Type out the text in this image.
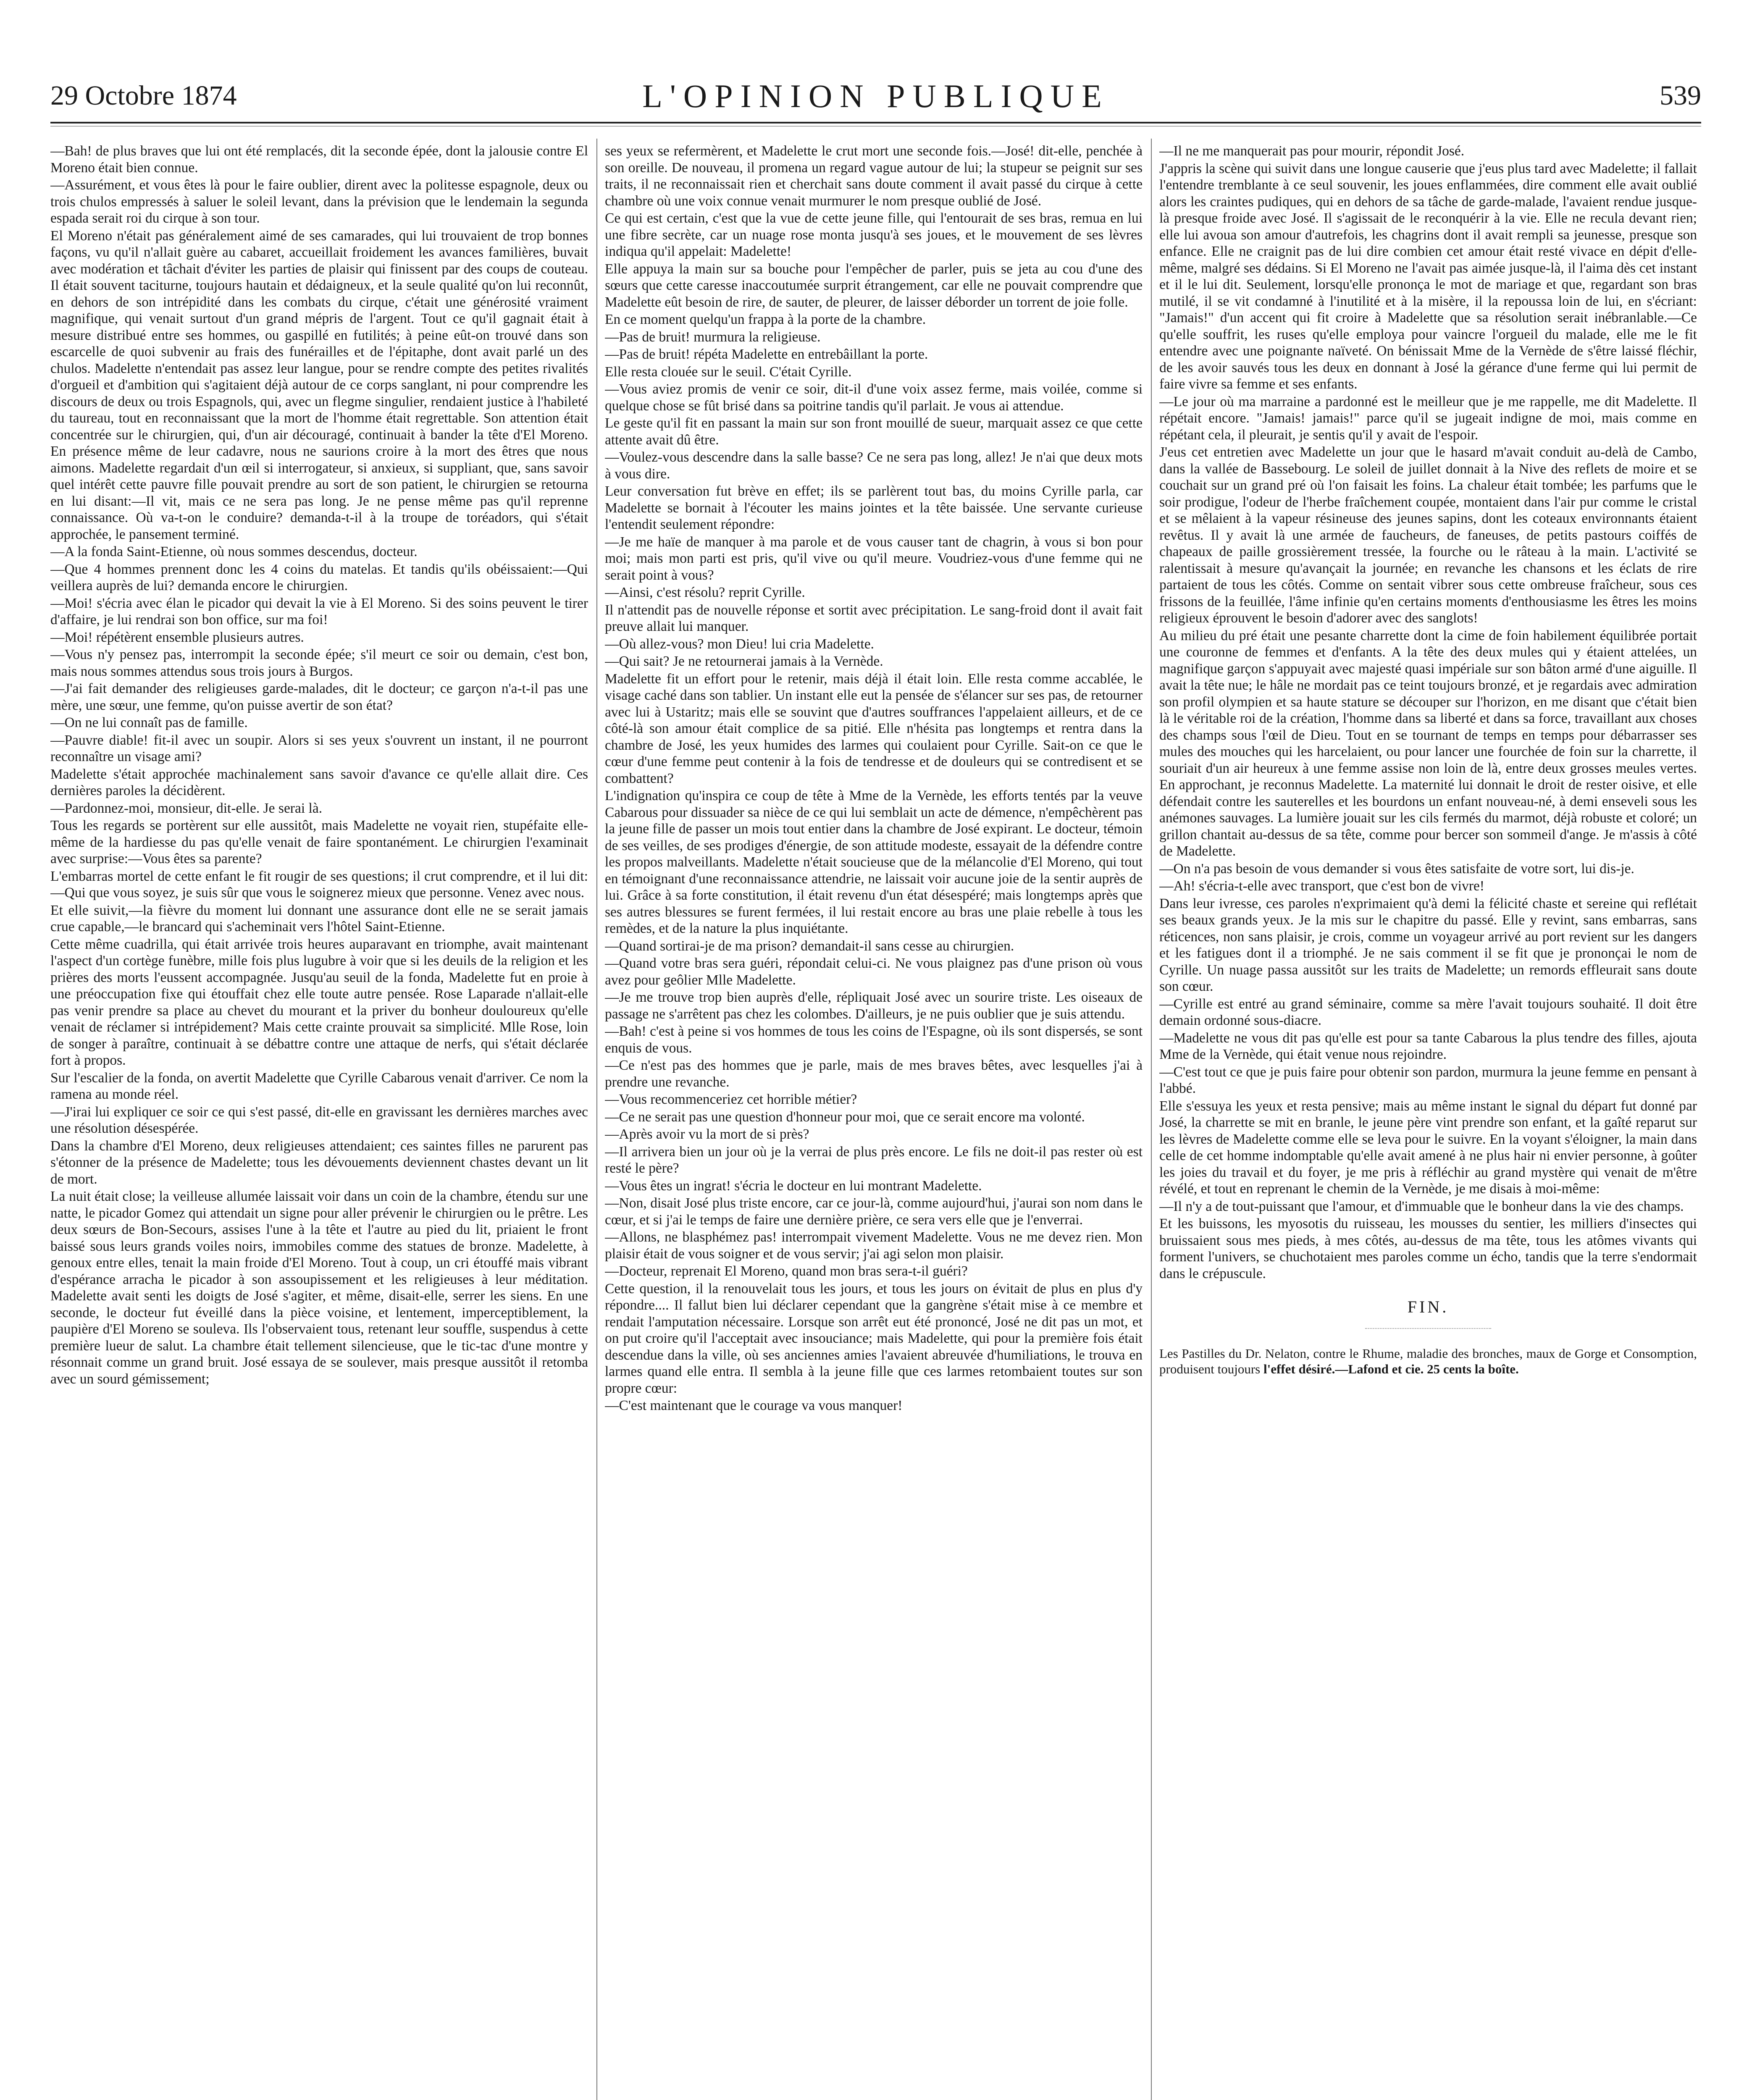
29 Octobre 1874	L'OPINION PUBLIQUE	539

—Bah! de plus braves que lui ont été remplacés, dit la seconde épée, dont la jalousie contre El Moreno était bien connue.

—Assurément, et vous êtes là pour le faire oublier, dirent avec la politesse espagnole, deux ou trois chulos empressés à saluer le soleil levant, dans la prévision que le lendemain la segunda espada serait roi du cirque à son tour.

El Moreno n'était pas généralement aimé de ses camarades, qui lui trouvaient de trop bonnes façons, vu qu'il n'allait guère au cabaret, accueillait froidement les avances familières, buvait avec modération et tâchait d'éviter les parties de plaisir qui finissent par des coups de couteau. Il était souvent taciturne, toujours hautain et dédaigneux, et la seule qualité qu'on lui reconnût, en dehors de son intrépidité dans les combats du cirque, c'était une générosité vraiment magnifique, qui venait surtout d'un grand mépris de l'argent. Tout ce qu'il gagnait était à mesure distribué entre ses hommes, ou gaspillé en futilités; à peine eût-on trouvé dans son escarcelle de quoi subvenir au frais des funérailles et de l'épitaphe, dont avait parlé un des chulos. Madelette n'entendait pas assez leur langue, pour se rendre compte des petites rivalités d'orgueil et d'ambition qui s'agitaient déjà autour de ce corps sanglant, ni pour comprendre les discours de deux ou trois Espagnols, qui, avec un flegme singulier, rendaient justice à l'habileté du taureau, tout en reconnaissant que la mort de l'homme était regrettable. Son attention était concentrée sur le chirurgien, qui, d'un air découragé, continuait à bander la tête d'El Moreno. En présence même de leur cadavre, nous ne saurions croire à la mort des êtres que nous aimons. Madelette regardait d'un œil si interrogateur, si anxieux, si suppliant, que, sans savoir quel intérêt cette pauvre fille pouvait prendre au sort de son patient, le chirurgien se retourna en lui disant:—Il vit, mais ce ne sera pas long. Je ne pense même pas qu'il reprenne connaissance. Où va-t-on le conduire? demanda-t-il à la troupe de toréadors, qui s'était approchée, le pansement terminé.

—A la fonda Saint-Etienne, où nous sommes descendus, docteur.

—Que 4 hommes prennent donc les 4 coins du matelas. Et tandis qu'ils obéissaient:—Qui veillera auprès de lui? demanda encore le chirurgien.

—Moi! s'écria avec élan le picador qui devait la vie à El Moreno. Si des soins peuvent le tirer d'affaire, je lui rendrai son bon office, sur ma foi!

—Moi! répétèrent ensemble plusieurs autres.

—Vous n'y pensez pas, interrompit la seconde épée; s'il meurt ce soir ou demain, c'est bon, mais nous sommes attendus sous trois jours à Burgos.

—J'ai fait demander des religieuses garde-malades, dit le docteur; ce garçon n'a-t-il pas une mère, une sœur, une femme, qu'on puisse avertir de son état?

—On ne lui connaît pas de famille.

—Pauvre diable! fit-il avec un soupir. Alors si ses yeux s'ouvrent un instant, il ne pourront reconnaître un visage ami?

Madelette s'était approchée machinalement sans savoir d'avance ce qu'elle allait dire. Ces dernières paroles la décidèrent.

—Pardonnez-moi, monsieur, dit-elle. Je serai là.

Tous les regards se portèrent sur elle aussitôt, mais Madelette ne voyait rien, stupéfaite elle-même de la hardiesse du pas qu'elle venait de faire spontanément. Le chirurgien l'examinait avec surprise:—Vous êtes sa parente?

L'embarras mortel de cette enfant le fit rougir de ses questions; il crut comprendre, et il lui dit:—Qui que vous soyez, je suis sûr que vous le soignerez mieux que personne. Venez avec nous.

Et elle suivit,—la fièvre du moment lui donnant une assurance dont elle ne se serait jamais crue capable,—le brancard qui s'acheminait vers l'hôtel Saint-Etienne.

Cette même cuadrilla, qui était arrivée trois heures auparavant en triomphe, avait maintenant l'aspect d'un cortège funèbre, mille fois plus lugubre à voir que si les deuils de la religion et les prières des morts l'eussent accompagnée. Jusqu'au seuil de la fonda, Madelette fut en proie à une préoccupation fixe qui étouffait chez elle toute autre pensée. Rose Laparade n'allait-elle pas venir prendre sa place au chevet du mourant et la priver du bonheur douloureux qu'elle venait de réclamer si intrépidement? Mais cette crainte prouvait sa simplicité. Mlle Rose, loin de songer à paraître, continuait à se débattre contre une attaque de nerfs, qui s'était déclarée fort à propos.

Sur l'escalier de la fonda, on avertit Madelette que Cyrille Cabarous venait d'arriver. Ce nom la ramena au monde réel.

—J'irai lui expliquer ce soir ce qui s'est passé, dit-elle en gravissant les dernières marches avec une résolution désespérée.

Dans la chambre d'El Moreno, deux religieuses attendaient; ces saintes filles ne parurent pas s'étonner de la présence de Madelette; tous les dévouements deviennent chastes devant un lit de mort.

La nuit était close; la veilleuse allumée laissait voir dans un coin de la chambre, étendu sur une natte, le picador Gomez qui attendait un signe pour aller prévenir le chirurgien ou le prêtre. Les deux sœurs de Bon-Secours, assises l'une à la tête et l'autre au pied du lit, priaient le front baissé sous leurs grands voiles noirs, immobiles comme des statues de bronze. Madelette, à genoux entre elles, tenait la main froide d'El Moreno. Tout à coup, un cri étouffé mais vibrant d'espérance arracha le picador à son assoupissement et les religieuses à leur méditation. Madelette avait senti les doigts de José s'agiter, et même, disait-elle, serrer les siens. En une seconde, le docteur fut éveillé dans la pièce voisine, et lentement, imperceptiblement, la paupière d'El Moreno se souleva. Ils l'observaient tous, retenant leur souffle, suspendus à cette première lueur de salut. La chambre était tellement silencieuse, que le tic-tac d'une montre y résonnait comme un grand bruit. José essaya de se soulever, mais presque aussitôt il retomba avec un sourd gémissement;

ses yeux se refermèrent, et Madelette le crut mort une seconde fois.—José! dit-elle, penchée à son oreille. De nouveau, il promena un regard vague autour de lui; la stupeur se peignit sur ses traits, il ne reconnaissait rien et cherchait sans doute comment il avait passé du cirque à cette chambre où une voix connue venait murmurer le nom presque oublié de José.

Ce qui est certain, c'est que la vue de cette jeune fille, qui l'entourait de ses bras, remua en lui une fibre secrète, car un nuage rose monta jusqu'à ses joues, et le mouvement de ses lèvres indiqua qu'il appelait: Madelette!

Elle appuya la main sur sa bouche pour l'empêcher de parler, puis se jeta au cou d'une des sœurs que cette caresse inaccoutumée surprit étrangement, car elle ne pouvait comprendre que Madelette eût besoin de rire, de sauter, de pleurer, de laisser déborder un torrent de joie folle.

En ce moment quelqu'un frappa à la porte de la chambre.

—Pas de bruit! murmura la religieuse.

—Pas de bruit! répéta Madelette en entrebâillant la porte.

Elle resta clouée sur le seuil. C'était Cyrille.

—Vous aviez promis de venir ce soir, dit-il d'une voix assez ferme, mais voilée, comme si quelque chose se fût brisé dans sa poitrine tandis qu'il parlait. Je vous ai attendue.

Le geste qu'il fit en passant la main sur son front mouillé de sueur, marquait assez ce que cette attente avait dû être.

—Voulez-vous descendre dans la salle basse? Ce ne sera pas long, allez! Je n'ai que deux mots à vous dire.

Leur conversation fut brève en effet; ils se parlèrent tout bas, du moins Cyrille parla, car Madelette se bornait à l'écouter les mains jointes et la tête baissée. Une servante curieuse l'entendit seulement répondre:

—Je me haïe de manquer à ma parole et de vous causer tant de chagrin, à vous si bon pour moi; mais mon parti est pris, qu'il vive ou qu'il meure. Voudriez-vous d'une femme qui ne serait point à vous?

—Ainsi, c'est résolu? reprit Cyrille.

Il n'attendit pas de nouvelle réponse et sortit avec précipitation. Le sang-froid dont il avait fait preuve allait lui manquer.

—Où allez-vous? mon Dieu! lui cria Madelette.

—Qui sait? Je ne retournerai jamais à la Vernède.

Madelette fit un effort pour le retenir, mais déjà il était loin. Elle resta comme accablée, le visage caché dans son tablier. Un instant elle eut la pensée de s'élancer sur ses pas, de retourner avec lui à Ustaritz; mais elle se souvint que d'autres souffrances l'appelaient ailleurs, et de ce côté-là son amour était complice de sa pitié. Elle n'hésita pas longtemps et rentra dans la chambre de José, les yeux humides des larmes qui coulaient pour Cyrille. Sait-on ce que le cœur d'une femme peut contenir à la fois de tendresse et de douleurs qui se contredisent et se combattent?

L'indignation qu'inspira ce coup de tête à Mme de la Vernède, les efforts tentés par la veuve Cabarous pour dissuader sa nièce de ce qui lui semblait un acte de démence, n'empêchèrent pas la jeune fille de passer un mois tout entier dans la chambre de José expirant. Le docteur, témoin de ses veilles, de ses prodiges d'énergie, de son attitude modeste, essayait de la défendre contre les propos malveillants. Madelette n'était soucieuse que de la mélancolie d'El Moreno, qui tout en témoignant d'une reconnaissance attendrie, ne laissait voir aucune joie de la sentir auprès de lui. Grâce à sa forte constitution, il était revenu d'un état désespéré; mais longtemps après que ses autres blessures se furent fermées, il lui restait encore au bras une plaie rebelle à tous les remèdes, et de la nature la plus inquiétante.

—Quand sortirai-je de ma prison? demandait-il sans cesse au chirurgien.

—Quand votre bras sera guéri, répondait celui-ci. Ne vous plaignez pas d'une prison où vous avez pour geôlier Mlle Madelette.

—Je me trouve trop bien auprès d'elle, répliquait José avec un sourire triste. Les oiseaux de passage ne s'arrêtent pas chez les colombes. D'ailleurs, je ne puis oublier que je suis attendu.

—Bah! c'est à peine si vos hommes de tous les coins de l'Espagne, où ils sont dispersés, se sont enquis de vous.

—Ce n'est pas des hommes que je parle, mais de mes braves bêtes, avec lesquelles j'ai à prendre une revanche.

—Vous recommenceriez cet horrible métier?

—Ce ne serait pas une question d'honneur pour moi, que ce serait encore ma volonté.

—Après avoir vu la mort de si près?

—Il arrivera bien un jour où je la verrai de plus près encore. Le fils ne doit-il pas rester où est resté le père?

—Vous êtes un ingrat! s'écria le docteur en lui montrant Madelette.

—Non, disait José plus triste encore, car ce jour-là, comme aujourd'hui, j'aurai son nom dans le cœur, et si j'ai le temps de faire une dernière prière, ce sera vers elle que je l'enverrai.

—Allons, ne blasphémez pas! interrompait vivement Madelette. Vous ne me devez rien. Mon plaisir était de vous soigner et de vous servir; j'ai agi selon mon plaisir.

—Docteur, reprenait El Moreno, quand mon bras sera-t-il guéri?

Cette question, il la renouvelait tous les jours, et tous les jours on évitait de plus en plus d'y répondre.... Il fallut bien lui déclarer cependant que la gangrène s'était mise à ce membre et rendait l'amputation nécessaire. Lorsque son arrêt eut été prononcé, José ne dit pas un mot, et on put croire qu'il l'acceptait avec insouciance; mais Madelette, qui pour la première fois était descendue dans la ville, où ses anciennes amies l'avaient abreuvée d'humiliations, le trouva en larmes quand elle entra. Il sembla à la jeune fille que ces larmes retombaient toutes sur son propre cœur:

—C'est maintenant que le courage va vous manquer!

—Il ne me manquerait pas pour mourir, répondit José.

J'appris la scène qui suivit dans une longue causerie que j'eus plus tard avec Madelette; il fallait l'entendre tremblante à ce seul souvenir, les joues enflammées, dire comment elle avait oublié alors les craintes pudiques, qui en dehors de sa tâche de garde-malade, l'avaient rendue jusque-là presque froide avec José. Il s'agissait de le reconquérir à la vie. Elle ne recula devant rien; elle lui avoua son amour d'autrefois, les chagrins dont il avait rempli sa jeunesse, presque son enfance. Elle ne craignit pas de lui dire combien cet amour était resté vivace en dépit d'elle-même, malgré ses dédains. Si El Moreno ne l'avait pas aimée jusque-là, il l'aima dès cet instant et il le lui dit. Seulement, lorsqu'elle prononça le mot de mariage et que, regardant son bras mutilé, il se vit condamné à l'inutilité et à la misère, il la repoussa loin de lui, en s'écriant: "Jamais!" d'un accent qui fit croire à Madelette que sa résolution serait inébranlable.—Ce qu'elle souffrit, les ruses qu'elle employa pour vaincre l'orgueil du malade, elle me le fit entendre avec une poignante naïveté. On bénissait Mme de la Vernède de s'être laissé fléchir, de les avoir sauvés tous les deux en donnant à José la gérance d'une ferme qui lui permit de faire vivre sa femme et ses enfants.

—Le jour où ma marraine a pardonné est le meilleur que je me rappelle, me dit Madelette. Il répétait encore. "Jamais! jamais!" parce qu'il se jugeait indigne de moi, mais comme en répétant cela, il pleurait, je sentis qu'il y avait de l'espoir.

J'eus cet entretien avec Madelette un jour que le hasard m'avait conduit au-delà de Cambo, dans la vallée de Bassebourg. Le soleil de juillet donnait à la Nive des reflets de moire et se couchait sur un grand pré où l'on faisait les foins. La chaleur était tombée; les parfums que le soir prodigue, l'odeur de l'herbe fraîchement coupée, montaient dans l'air pur comme le cristal et se mêlaient à la vapeur résineuse des jeunes sapins, dont les coteaux environnants étaient revêtus. Il y avait là une armée de faucheurs, de faneuses, de petits pastours coiffés de chapeaux de paille grossièrement tressée, la fourche ou le râteau à la main. L'activité se ralentissait à mesure qu'avançait la journée; en revanche les chansons et les éclats de rire partaient de tous les côtés. Comme on sentait vibrer sous cette ombreuse fraîcheur, sous ces frissons de la feuillée, l'âme infinie qu'en certains moments d'enthousiasme les êtres les moins religieux éprouvent le besoin d'adorer avec des sanglots!

Au milieu du pré était une pesante charrette dont la cime de foin habilement équilibrée portait une couronne de femmes et d'enfants. A la tête des deux mules qui y étaient attelées, un magnifique garçon s'appuyait avec majesté quasi impériale sur son bâton armé d'une aiguille. Il avait la tête nue; le hâle ne mordait pas ce teint toujours bronzé, et je regardais avec admiration son profil olympien et sa haute stature se découper sur l'horizon, en me disant que c'était bien là le véritable roi de la création, l'homme dans sa liberté et dans sa force, travaillant aux choses des champs sous l'œil de Dieu. Tout en se tournant de temps en temps pour débarrasser ses mules des mouches qui les harcelaient, ou pour lancer une fourchée de foin sur la charrette, il souriait d'un air heureux à une femme assise non loin de là, entre deux grosses meules vertes. En approchant, je reconnus Madelette. La maternité lui donnait le droit de rester oisive, et elle défendait contre les sauterelles et les bourdons un enfant nouveau-né, à demi enseveli sous les anémones sauvages. La lumière jouait sur les cils fermés du marmot, déjà robuste et coloré; un grillon chantait au-dessus de sa tête, comme pour bercer son sommeil d'ange. Je m'assis à côté de Madelette.

—On n'a pas besoin de vous demander si vous êtes satisfaite de votre sort, lui dis-je.

—Ah! s'écria-t-elle avec transport, que c'est bon de vivre!

Dans leur ivresse, ces paroles n'exprimaient qu'à demi la félicité chaste et sereine qui reflétait ses beaux grands yeux. Je la mis sur le chapitre du passé. Elle y revint, sans embarras, sans réticences, non sans plaisir, je crois, comme un voyageur arrivé au port revient sur les dangers et les fatigues dont il a triomphé. Je ne sais comment il se fit que je prononçai le nom de Cyrille. Un nuage passa aussitôt sur les traits de Madelette; un remords effleurait sans doute son cœur.

—Cyrille est entré au grand séminaire, comme sa mère l'avait toujours souhaité. Il doit être demain ordonné sous-diacre.

—Madelette ne vous dit pas qu'elle est pour sa tante Cabarous la plus tendre des filles, ajouta Mme de la Vernède, qui était venue nous rejoindre.

—C'est tout ce que je puis faire pour obtenir son pardon, murmura la jeune femme en pensant à l'abbé.

Elle s'essuya les yeux et resta pensive; mais au même instant le signal du départ fut donné par José, la charrette se mit en branle, le jeune père vint prendre son enfant, et la gaîté reparut sur les lèvres de Madelette comme elle se leva pour le suivre. En la voyant s'éloigner, la main dans celle de cet homme indomptable qu'elle avait amené à ne plus hair ni envier personne, à goûter les joies du travail et du foyer, je me pris à réfléchir au grand mystère qui venait de m'être révélé, et tout en reprenant le chemin de la Vernède, je me disais à moi-même:

—Il n'y a de tout-puissant que l'amour, et d'immuable que le bonheur dans la vie des champs.

Et les buissons, les myosotis du ruisseau, les mousses du sentier, les milliers d'insectes qui bruissaient sous mes pieds, à mes côtés, au-dessus de ma tête, tous les atômes vivants qui forment l'univers, se chuchotaient mes paroles comme un écho, tandis que la terre s'endormait dans le crépuscule.

FIN.
Les Pastilles du Dr. Nelaton, contre le Rhume, maladie des bronches, maux de Gorge et Consomption, produisent toujours l'effet désiré.—Lafond et cie. 25 cents la boîte.
